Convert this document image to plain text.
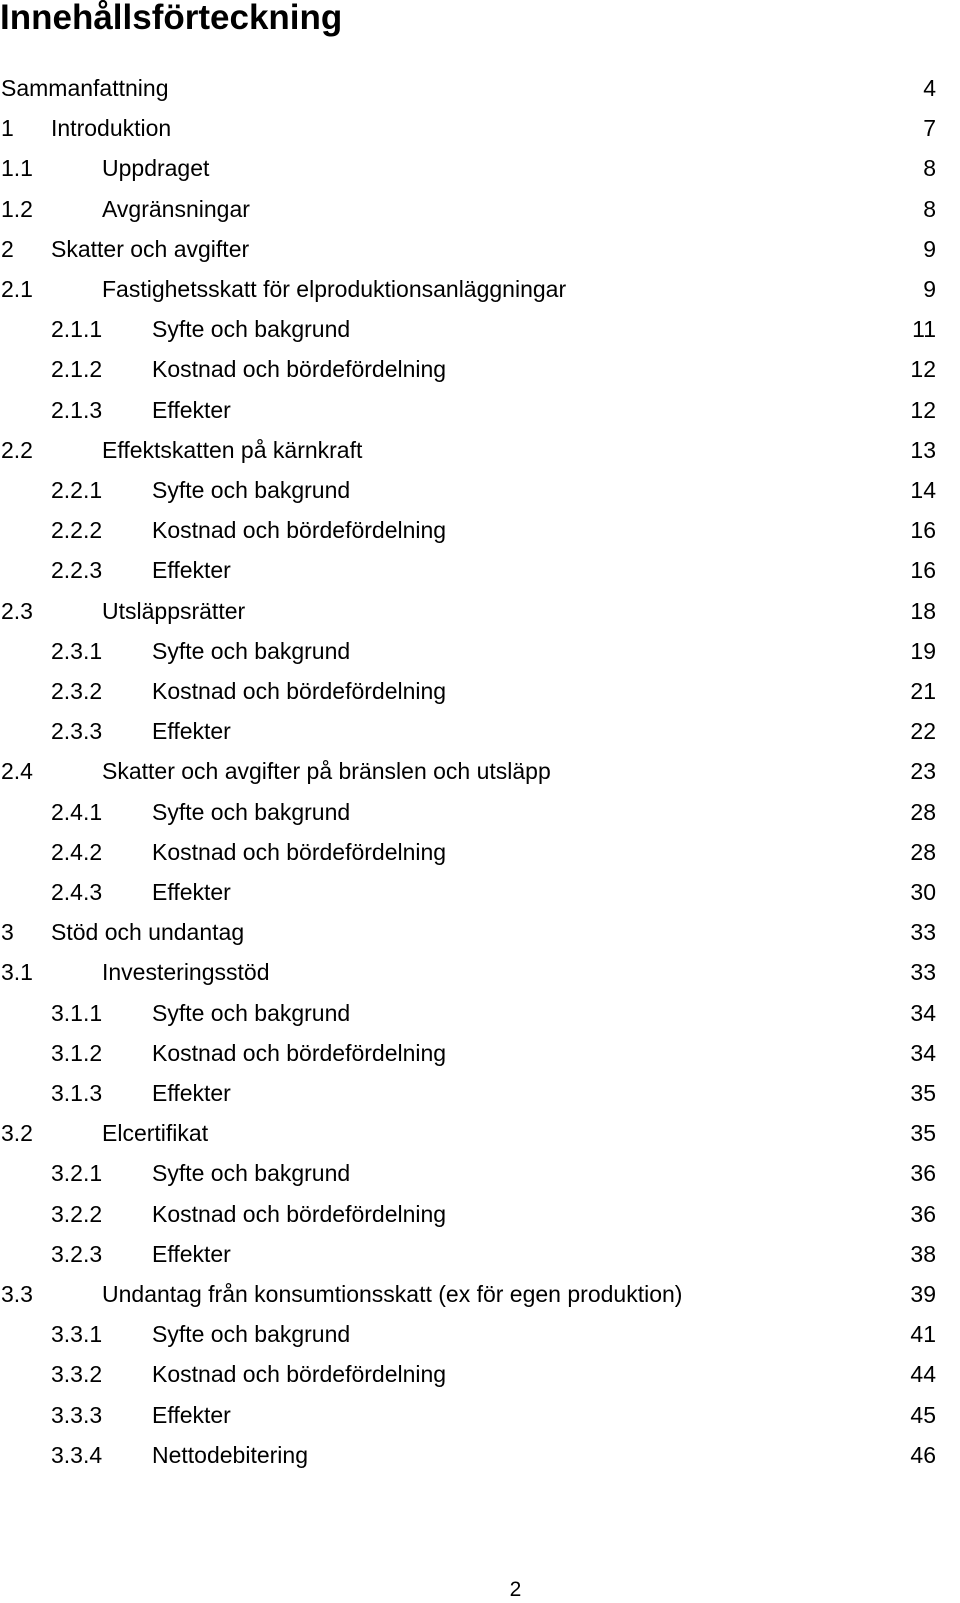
Innehållsförteckning
Sammanfattning	4
1 Introduktion	7
1.1	Uppdraget	8
1.2	Avgränsningar	8
2 Skatter och avgifter	9
2.1	Fastighetsskatt för elproduktionsanläggningar	9
2.1.1 Syfte och bakgrund	11
2.1.2 Kostnad och bördefördelning	12
2.1.3 Effekter	12
2.2	Effektskatten på kärnkraft	13
2.2.1 Syfte och bakgrund	14
2.2.2 Kostnad och bördefördelning	16
2.2.3 Effekter	16
2.3	Utsläppsrätter	18
2.3.1 Syfte och bakgrund	19
2.3.2 Kostnad och bördefördelning	21
2.3.3 Effekter	22
2.4	Skatter och avgifter på bränslen och utsläpp	23
2.4.1 Syfte och bakgrund	28
2.4.2 Kostnad och bördefördelning	28
2.4.3 Effekter	30
3 Stöd och undantag	33
3.1	Investeringsstöd	33
3.1.1 Syfte och bakgrund	34
3.1.2 Kostnad och bördefördelning	34
3.1.3 Effekter	35
3.2	Elcertifikat	35
3.2.1 Syfte och bakgrund	36
3.2.2 Kostnad och bördefördelning	36
3.2.3 Effekter	38
3.3	Undantag från konsumtionsskatt (ex för egen produktion)	39
3.3.1 Syfte och bakgrund	41
3.3.2 Kostnad och bördefördelning	44
3.3.3 Effekter	45
3.3.4 Nettodebitering	46
2
